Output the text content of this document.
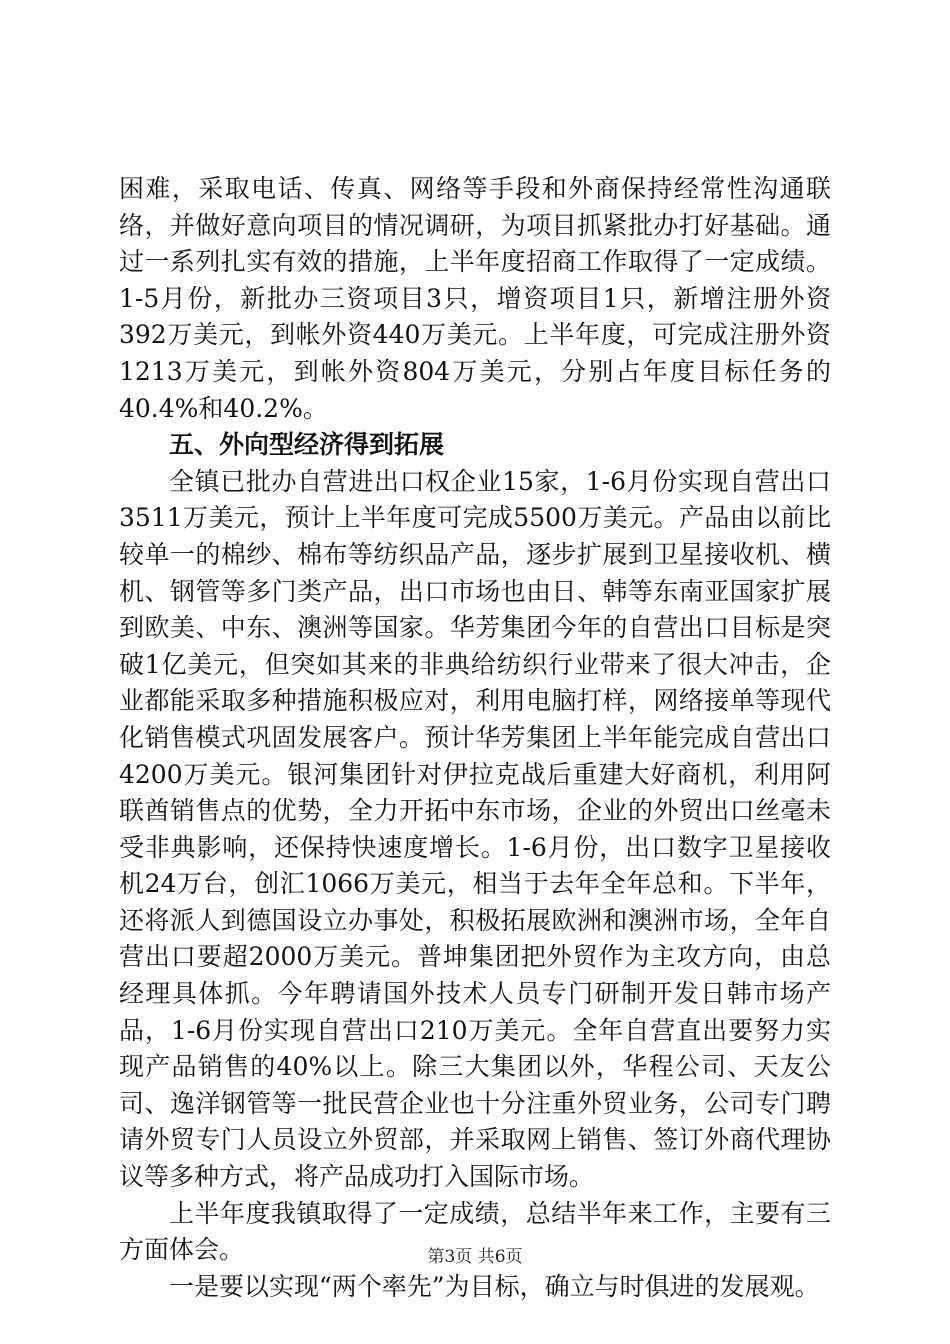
困难，采取电话、传真、网络等手段和外商保持经常性沟通联络，并做好意向项目的情况调研，为项目抓紧批办打好基础。通过一系列扎实有效的措施，上半年度招商工作取得了一定成绩。1-5月份，新批办三资项目3只，增资项目1只，新增注册外资392万美元，到帐外资440万美元。上半年度，可完成注册外资1213万美元，到帐外资804万美元，分别占年度目标任务的40.4%和40.2%。

五、外向型经济得到拓展

全镇已批办自营进出口权企业15家，1-6月份实现自营出口3511万美元，预计上半年度可完成5500万美元。产品由以前比较单一的棉纱、棉布等纺织品产品，逐步扩展到卫星接收机、横机、钢管等多门类产品，出口市场也由日、韩等东南亚国家扩展到欧美、中东、澳洲等国家。华芳集团今年的自营出口目标是突破1亿美元，但突如其来的非典给纺织行业带来了很大冲击，企业都能采取多种措施积极应对，利用电脑打样，网络接单等现代化销售模式巩固发展客户。预计华芳集团上半年能完成自营出口4200万美元。银河集团针对伊拉克战后重建大好商机，利用阿联酋销售点的优势，全力开拓中东市场，企业的外贸出口丝毫未受非典影响，还保持快速度增长。1-6月份，出口数字卫星接收机24万台，创汇1066万美元，相当于去年全年总和。下半年，还将派人到德国设立办事处，积极拓展欧洲和澳洲市场，全年自营出口要超2000万美元。普坤集团把外贸作为主攻方向，由总经理具体抓。今年聘请国外技术人员专门研制开发日韩市场产品，1-6月份实现自营出口210万美元。全年自营直出要努力实现产品销售的40%以上。除三大集团以外，华程公司、天友公司、逸洋钢管等一批民营企业也十分注重外贸业务，公司专门聘请外贸专门人员设立外贸部，并采取网上销售、签订外商代理协议等多种方式，将产品成功打入国际市场。

上半年度我镇取得了一定成绩，总结半年来工作，主要有三方面体会。

一是要以实现“两个率先”为目标，确立与时俱进的发展观。

第3页 共6页
